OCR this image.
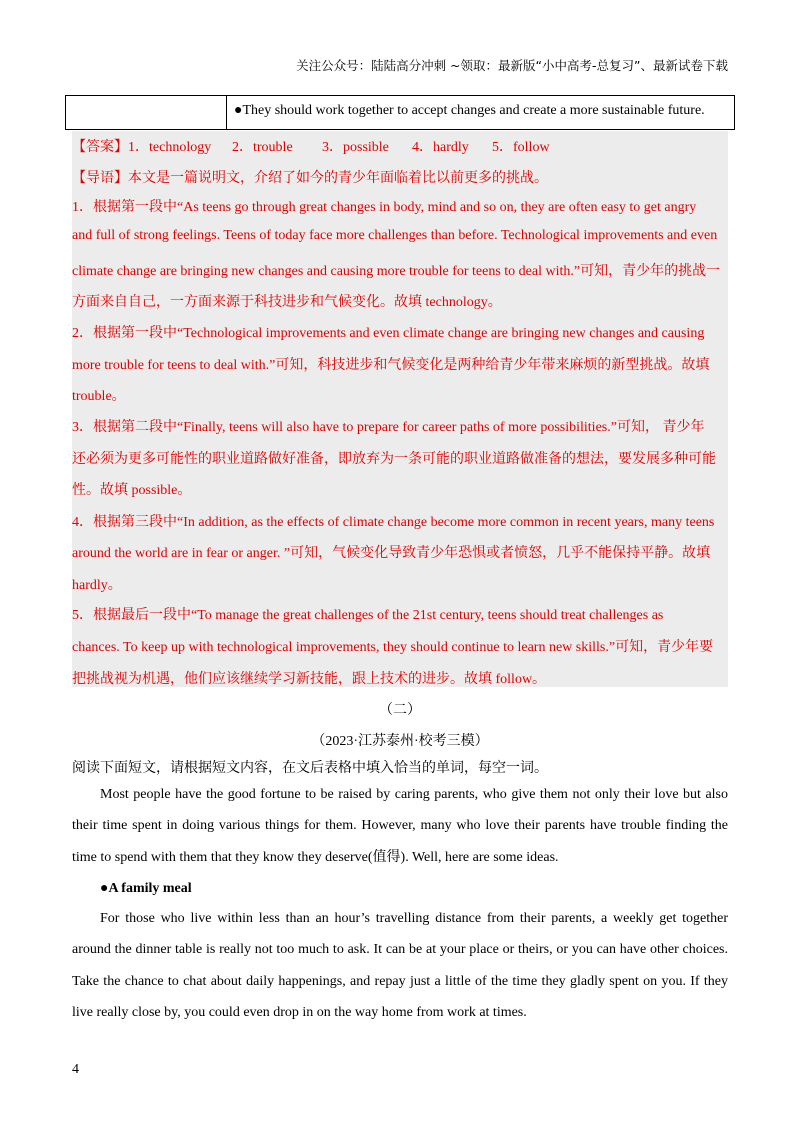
关注公众号：陆陆高分冲刺 ~领取：最新版“小中高考-总复习”、最新试卷下载
●They should work together to accept changes and create a more sustainable future.
【答案】1．technology 2．trouble 3．possible 4．hardly 5．follow
【导语】本文是一篇说明文，介绍了如今的青少年面临着比以前更多的挑战。
1．根据第一段中“As teens go through great changes in body, mind and so on, they are often easy to get angry
and full of strong feelings. Teens of today face more challenges than before. Technological improvements and even
climate change are bringing new changes and causing more trouble for teens to deal with.”可知，青少年的挑战一
方面来自自己，一方面来源于科技进步和气候变化。故填 technology。
2．根据第一段中“Technological improvements and even climate change are bringing new changes and causing
more trouble for teens to deal with.”可知，科技进步和气候变化是两种给青少年带来麻烦的新型挑战。故填
trouble。
3．根据第二段中“Finally, teens will also have to prepare for career paths of more possibilities.”可知， 青少年
还必须为更多可能性的职业道路做好准备，即放弃为一条可能的职业道路做准备的想法，要发展多种可能
性。故填 possible。
4．根据第三段中“In addition, as the effects of climate change become more common in recent years, many teens
around the world are in fear or anger. ”可知，气候变化导致青少年恐惧或者愤怒，几乎不能保持平静。故填
hardly。
5．根据最后一段中“To manage the great challenges of the 21st century, teens should treat challenges as
chances. To keep up with technological improvements, they should continue to learn new skills.”可知，青少年要
把挑战视为机遇，他们应该继续学习新技能，跟上技术的进步。故填 follow。
（二）
（2023·江苏泰州·校考三模）
阅读下面短文，请根据短文内容，在文后表格中填入恰当的单词，每空一词。
Most people have the good fortune to be raised by caring parents, who give them not only their love but also their time spent in doing various things for them. However, many who love their parents have trouble finding the time to spend with them that they know they deserve(值得). Well, here are some ideas.
●A family meal
For those who live within less than an hour’s travelling distance from their parents, a weekly get together around the dinner table is really not too much to ask. It can be at your place or theirs, or you can have other choices. Take the chance to chat about daily happenings, and repay just a little of the time they gladly spent on you. If they live really close by, you could even drop in on the way home from work at times.
4
